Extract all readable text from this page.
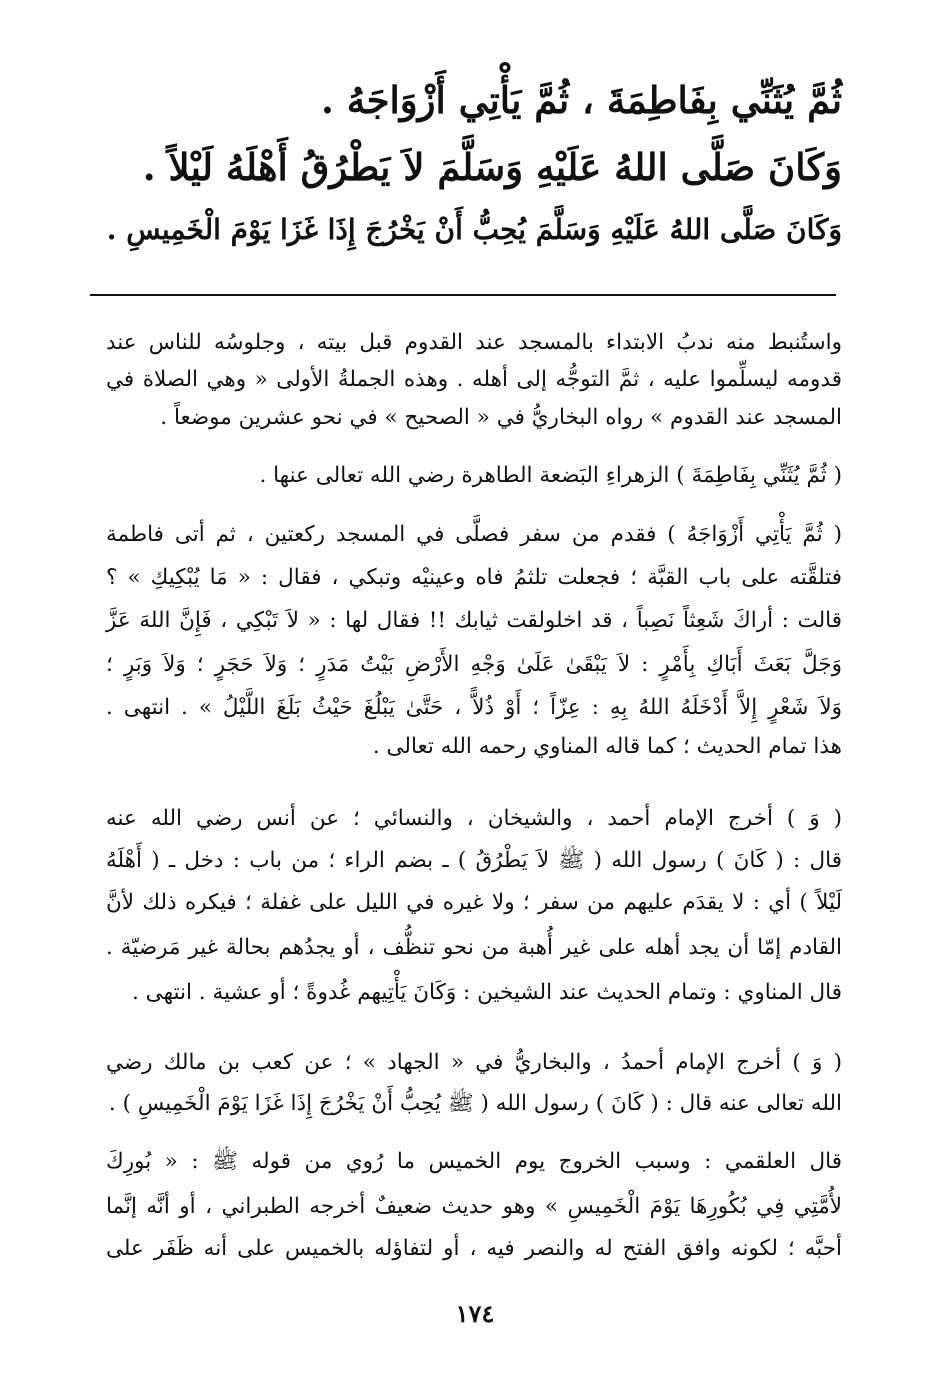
ثُمَّ يُثَنِّي بِفَاطِمَةَ ، ثُمَّ يَأْتِي أَزْوَاجَهُ .
وَكَانَ صَلَّى اللهُ عَلَيْهِ وَسَلَّمَ لاَ يَطْرُقُ أَهْلَهُ لَيْلاً .
وَكَانَ صَلَّى اللهُ عَلَيْهِ وَسَلَّمَ يُحِبُّ أَنْ يَخْرُجَ إِذَا غَزَا يَوْمَ الْخَمِيسِ .
واستُنبط منه ندبُ الابتداء بالمسجد عند القدوم قبل بيته ، وجلوسُه للناس عند
قدومه ليسلِّموا عليه ، ثمَّ التوجُّه إلى أهله . وهذه الجملةُ الأولى « وهي الصلاة في
المسجد عند القدوم » رواه البخاريُّ في « الصحيح » في نحو عشرين موضعاً .
( ثُمَّ يُثَنِّي بِفَاطِمَةَ ) الزهراءِ البَضعة الطاهرة رضي الله تعالى عنها .
( ثُمَّ يَأْتِي أَزْوَاجَهُ ) فقدم من سفر فصلَّى في المسجد ركعتين ، ثم أتى فاطمة
فتلقَّته على باب القبَّة ؛ فجعلت تلثمُ فاه وعينيْه وتبكي ، فقال : « مَا يُبْكِيكِ » ؟
قالت : أراكَ شَعِثاً نَصِباً ، قد اخلولقت ثيابك !! فقال لها : « لاَ تَبْكِي ، فَإِنَّ اللهَ عَزَّ
وَجَلَّ بَعَثَ أَبَاكِ بِأَمْرٍ : لاَ يَبْقَىٰ عَلَىٰ وَجْهِ الأَرْضِ بَيْتُ مَدَرٍ ؛ وَلاَ حَجَرٍ ؛ وَلاَ وَبَرٍ ؛
وَلاَ شَعْرٍ إِلاَّ أَدْخَلَهُ اللهُ بِهِ : عِزّاً ؛ أَوْ ذُلاًّ ، حَتَّىٰ يَبْلُغَ حَيْثُ بَلَغَ اللَّيْلُ » . انتهى .
هذا تمام الحديث ؛ كما قاله المناوي رحمه الله تعالى .
( وَ ) أخرج الإمام أحمد ، والشيخان ، والنسائي ؛ عن أنس رضي الله عنه
قال : ( كَانَ ) رسول الله ( ﷺ لاَ يَطْرُقُ ) ـ بضم الراء ؛ من باب : دخل ـ ( أَهْلَهُ
لَيْلاً ) أي : لا يقدَم عليهم من سفر ؛ ولا غيره في الليل على غفلة ؛ فيكره ذلك لأنَّ
القادم إمّا أن يجد أهله على غير أُهبة من نحو تنظُّف ، أو يجدُهم بحالة غير مَرضيّة .
قال المناوي : وتمام الحديث عند الشيخين : وَكَانَ يَأْتِيهم غُدوةً ؛ أو عشية . انتهى .
( وَ ) أخرج الإمام أحمدُ ، والبخاريُّ في « الجهاد » ؛ عن كعب بن مالك رضي
الله تعالى عنه قال : ( كَانَ ) رسول الله ( ﷺ يُحِبُّ أَنْ يَخْرُجَ إِذَا غَزَا يَوْمَ الْخَمِيسِ ) .
قال العلقمي : وسبب الخروج يوم الخميس ما رُوي من قوله ﷺ : « بُورِكَ
لأُمَّتِي فِي بُكُورِهَا يَوْمَ الْخَمِيسِ » وهو حديث ضعيفٌ أخرجه الطبراني ، أو أنَّه إنَّما
أحبَّه ؛ لكونه وافق الفتح له والنصر فيه ، أو لتفاؤله بالخميس على أنه ظَفَر على
١٧٤
